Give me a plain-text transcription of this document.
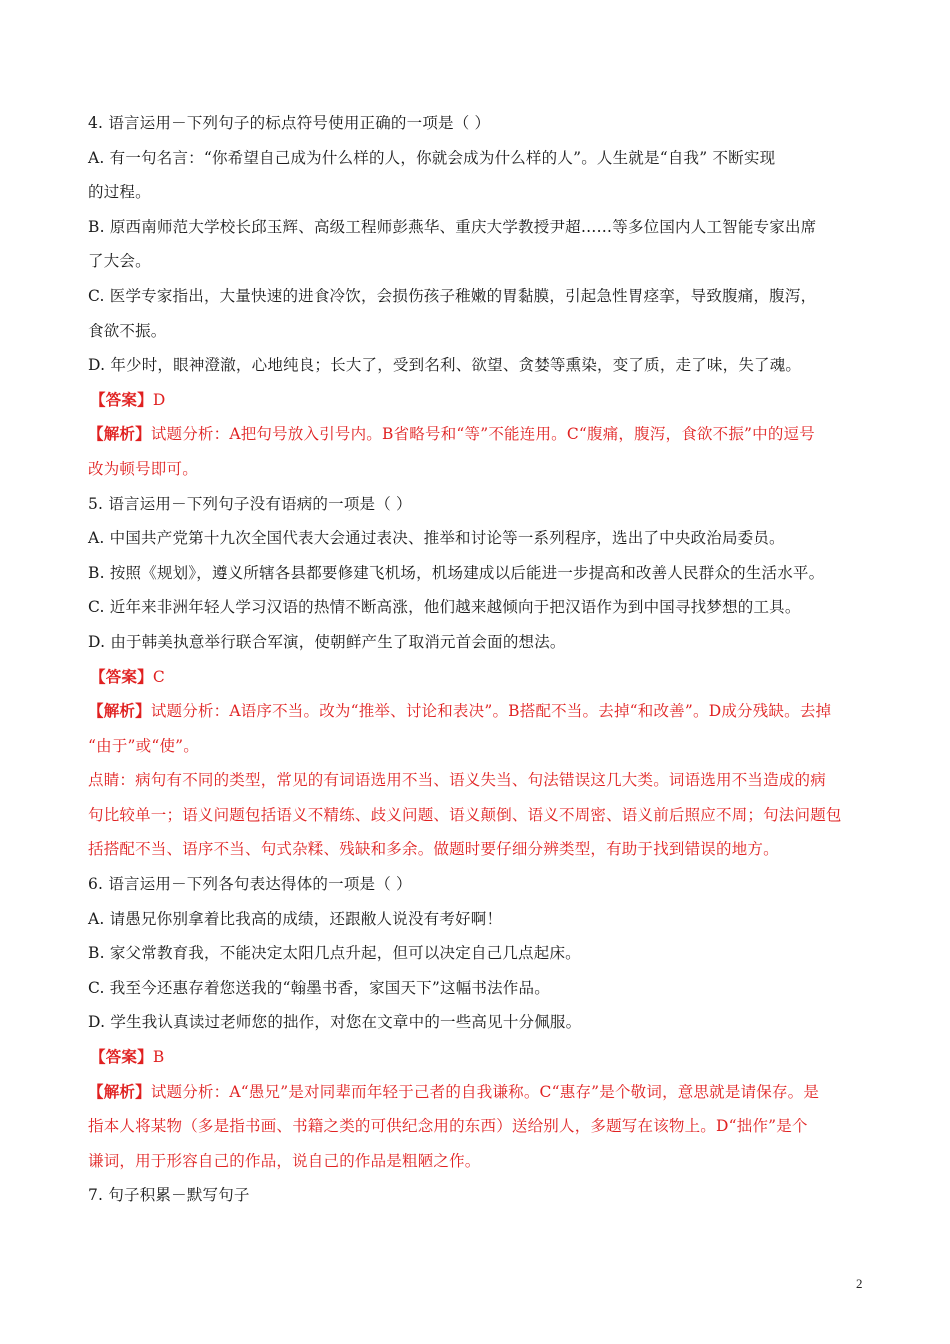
4. 语言运用－下列句子的标点符号使用正确的一项是（ ）
A. 有一句名言：“你希望自己成为什么样的人，你就会成为什么样的人”。人生就是“自我” 不断实现
的过程。
B. 原西南师范大学校长邱玉辉、高级工程师彭燕华、重庆大学教授尹超……等多位国内人工智能专家出席
了大会。
C. 医学专家指出，大量快速的进食冷饮，会损伤孩子稚嫩的胃黏膜，引起急性胃痉挛，导致腹痛，腹泻，
食欲不振。
D. 年少时，眼神澄澈，心地纯良；长大了，受到名利、欲望、贪婪等熏染，变了质，走了味，失了魂。
【答案】D
【解析】试题分析：A把句号放入引号内。B省略号和“等”不能连用。C“腹痛，腹泻，食欲不振”中的逗号
改为顿号即可。
5. 语言运用－下列句子没有语病的一项是（ ）
A. 中国共产党第十九次全国代表大会通过表决、推举和讨论等一系列程序，选出了中央政治局委员。
B. 按照《规划》，遵义所辖各县都要修建飞机场，机场建成以后能进一步提高和改善人民群众的生活水平。
C. 近年来非洲年轻人学习汉语的热情不断高涨，他们越来越倾向于把汉语作为到中国寻找梦想的工具。
D. 由于韩美执意举行联合军演，使朝鲜产生了取消元首会面的想法。
【答案】C
【解析】试题分析：A语序不当。改为“推举、讨论和表决”。B搭配不当。去掉“和改善”。D成分残缺。去掉
“由于”或“使”。
点睛：病句有不同的类型，常见的有词语选用不当、语义失当、句法错误这几大类。词语选用不当造成的病
句比较单一；语义问题包括语义不精练、歧义问题、语义颠倒、语义不周密、语义前后照应不周；句法问题包
括搭配不当、语序不当、句式杂糅、残缺和多余。做题时要仔细分辨类型，有助于找到错误的地方。
6. 语言运用－下列各句表达得体的一项是（ ）
A. 请愚兄你别拿着比我高的成绩，还跟敝人说没有考好啊！
B. 家父常教育我，不能决定太阳几点升起，但可以决定自己几点起床。
C. 我至今还惠存着您送我的“翰墨书香，家国天下”这幅书法作品。
D. 学生我认真读过老师您的拙作，对您在文章中的一些高见十分佩服。
【答案】B
【解析】试题分析：A“愚兄”是对同辈而年轻于己者的自我谦称。C“惠存”是个敬词，意思就是请保存。是
指本人将某物（多是指书画、书籍之类的可供纪念用的东西）送给别人，多题写在该物上。D“拙作”是个
谦词，用于形容自己的作品，说自己的作品是粗陋之作。
7. 句子积累－默写句子
2
